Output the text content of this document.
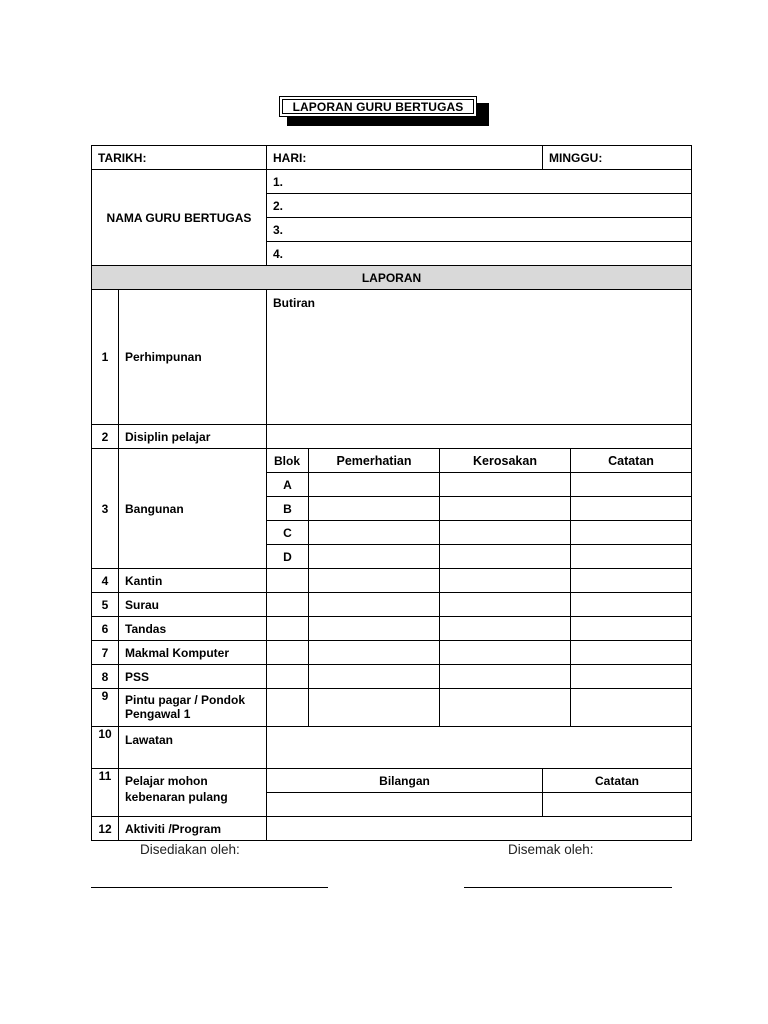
LAPORAN GURU BERTUGAS
TARIKH:		HARI:			MINGGU:	
NAMA GURU BERTUGAS		1.				
		2.				
		3.				
		4.				
LAPORAN						
1	Perhimpunan	Butiran				
2	Disiplin pelajar					
3	Bangunan	Blok	Pemerhatian	Kerosakan		Catatan
		A				
		B				
		C				
		D				
4	Kantin					
5	Surau					
6	Tandas					
7	Makmal Komputer					
8	PSS					
9	Pintu pagar / Pondok Pengawal 1					
10	Lawatan					
11	Pelajar mohon kebenaran pulang	Bilangan			Catatan	

12	Aktiviti /Program					
Disediakan oleh:	Disemak oleh:
